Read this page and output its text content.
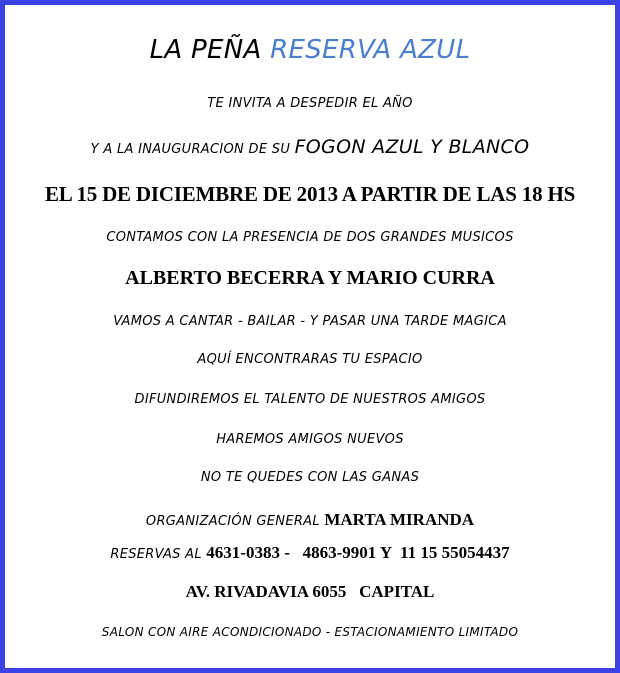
LA PEÑA RESERVA AZUL
TE INVITA A DESPEDIR EL AÑO
Y A LA INAUGURACION DE SU FOGON AZUL Y BLANCO
EL 15 DE DICIEMBRE DE 2013 A PARTIR DE LAS 18 HS
CONTAMOS CON LA PRESENCIA DE DOS GRANDES MUSICOS
ALBERTO BECERRA Y MARIO CURRA
VAMOS A CANTAR - BAILAR - Y PASAR UNA TARDE MAGICA
AQUÍ ENCONTRARAS TU ESPACIO
DIFUNDIREMOS EL TALENTO DE NUESTROS AMIGOS
HAREMOS AMIGOS NUEVOS
NO TE QUEDES CON LAS GANAS
ORGANIZACIÓN GENERAL MARTA MIRANDA
RESERVAS AL 4631-0383 -   4863-9901 Y  11 15 55054437
AV. RIVADAVIA 6055   CAPITAL
SALON CON AIRE ACONDICIONADO - ESTACIONAMIENTO LIMITADO
